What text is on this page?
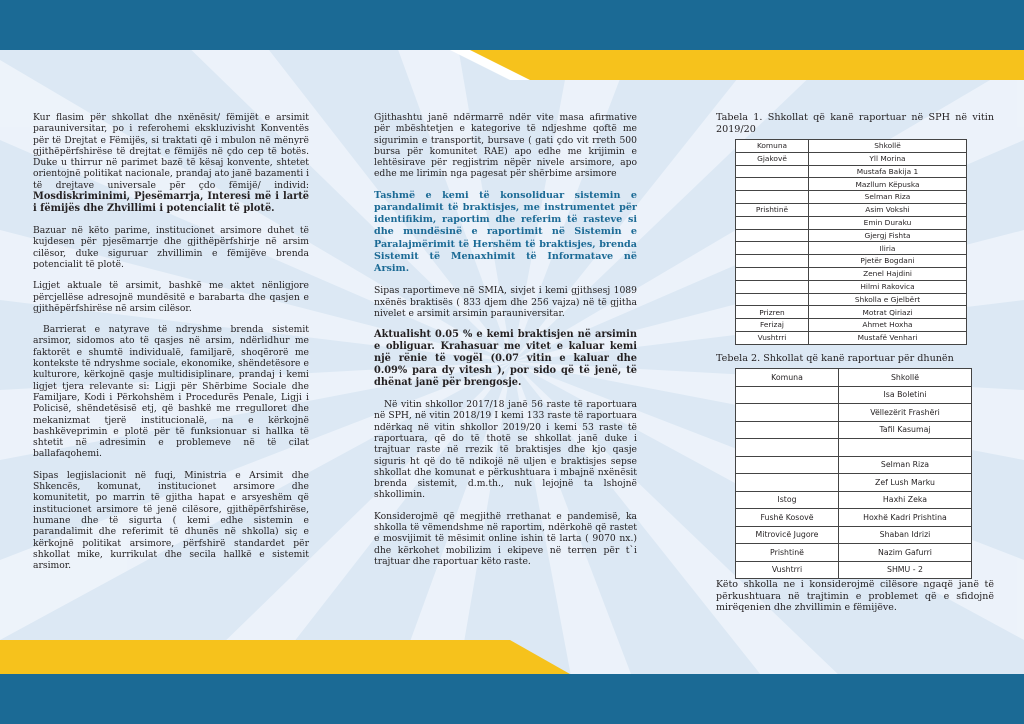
Kur flasim për shkollat dhe nxënësit/ fëmijët e arsimit parauniversitar, po i referohemi ekskluzivisht Konventës për të Drejtat e Fëmijës, si traktati që i mbulon në mënyrë gjithëpërfshirëse të drejtat e fëmijës në çdo cep të botës. Duke u thirrur në parimet bazë të kësaj konvente, shtetet orientojnë politikat nacionale, prandaj ato janë bazamenti i të drejtave universale për çdo fëmijë/ individ: Mosdiskriminimi, Pjesëmarrja, Interesi më i lartë i fëmijës dhe Zhvillimi i potencialit të plotë.

Bazuar në këto parime, institucionet arsimore duhet të kujdesen për pjesëmarrje dhe gjithëpërfshirje në arsim cilësor, duke siguruar zhvillimin e fëmijëve brenda potencialit të plotë.

Ligjet aktuale të arsimit, bashkë me aktet nënligjore përcjellëse adresojnë mundësitë e barabarta dhe qasjen e gjithëpërfshirëse në arsim cilësor.

Barrierat e natyrave të ndryshme brenda sistemit arsimor, sidomos ato të qasjes në arsim, ndërlidhur me faktorët e shumtë individualë, familjarë, shoqërorë me kontekste të ndryshme sociale, ekonomike, shëndetësore e kulturore, kërkojnë qasje multidisiplinare, prandaj i kemi ligjet tjera relevante si: Ligji për Shërbime Sociale dhe Familjare, Kodi i Përkohshëm i Procedurës Penale, Ligji i Policisë, shëndetësisë etj, që bashkë me rregulloret dhe mekanizmat tjerë institucionalë, na e kërkojnë bashkëveprimin e plotë për të funksionuar si hallka të shtetit në adresimin e problemeve në të cilat ballafaqohemi.

Sipas legjislacionit në fuqi, Ministria e Arsimit dhe Shkencës, komunat, institucionet arsimore dhe komunitetit, po marrin të gjitha hapat e arsyeshëm që institucionet arsimore të jenë cilësore, gjithëpërfshirëse, humane dhe të sigurta ( kemi edhe sistemin e parandalimit dhe referimit të dhunës në shkolla) siç e kërkojnë politikat arsimore, përfshirë standardet për shkollat mike, kurrikulat dhe secila hallkë e sistemit arsimor.

Gjithashtu janë ndërmarrë ndër vite masa afirmative për mbështetjen e kategorive të ndjeshme qoftë me sigurimin e transportit, bursave ( gati çdo vit rreth 500 bursa për komunitet RAE) apo edhe me krijimin e lehtësirave për regjistrim nëpër nivele arsimore, apo edhe me lirimin nga pagesat për shërbime arsimore

Tashmë e kemi të konsoliduar sistemin e parandalimit të braktisjes, me instrumentet për identifikim, raportim dhe referim të rasteve si dhe mundësinë e raportimit në Sistemin e Paralajmërimit të Hershëm të braktisjes, brenda Sistemit të Menaxhimit të Informatave në Arsim.

Sipas raportimeve në SMIA, sivjet i kemi gjithsesj 1089 nxënës braktisës ( 833 djem dhe 256 vajza) në të gjitha nivelet e arsimit arsimin parauniversitar.

Aktualisht 0.05 % e kemi braktisjen në arsimin e obliguar. Krahasuar me vitet e kaluar kemi një rënie të vogël (0.07 vitin e kaluar dhe 0.09% para dy vitesh ), por sido që të jenë, të dhënat janë për brengosje.

Në vitin shkollor 2017/18 janë 56 raste të raportuara në SPH, në vitin 2018/19 I kemi 133 raste të raportuara ndërkaq në vitin shkollor 2019/20 i kemi 53 raste të raportuara, që do të thotë se shkollat janë duke i trajtuar raste në rrezik të braktisjes dhe kjo qasje siguris ht që do të ndikojë në uljen e braktisjes sepse shkollat dhe komunat e përkushtuara i mbajnë nxënësit brenda sistemit, d.m.th., nuk lejojnë ta lshojnë shkollimin.

Konsiderojmë që megjithë rrethanat e pandemisë, ka shkolla të vëmendshme në raportim, ndërkohë që rastet e mosvijimit të mësimit online ishin të larta ( 9070 nx.) dhe kërkohet mobilizim i ekipeve në terren për t`i trajtuar dhe raportuar këto raste.

Tabela 1. Shkollat që kanë raportuar në SPH në vitin 2019/20
Komuna	Shkollë
Gjakovë	Yll Morina
	Mustafa Bakija 1
	Mazllum Këpuska
	Selman Riza
Prishtinë	Asim Vokshi
	Emin Duraku
	Gjergj Fishta
	Iliria
	Pjetër Bogdani
	Zenel Hajdini
	Hilmi Rakovica
	Shkolla e Gjelbërt
Prizren	Motrat Qiriazi
Ferizaj	Ahmet Hoxha
Vushtrri	Mustafë Venhari
Tebela 2. Shkollat që kanë raportuar për dhunën
Komuna	Shkollë
	Isa Boletini
	Vëllezërit Frashëri
	Tafil Kasumaj

	Selman Riza
	Zef Lush Marku
Istog	Haxhi Zeka
Fushë Kosovë	Hoxhë Kadri Prishtina
Mitrovicë Jugore	Shaban Idrizi
Prishtinë	Nazim Gafurri
Vushtrri	SHMU - 2

Këto shkolla ne i konsiderojmë cilësore ngaqë janë të përkushtuara në trajtimin e problemet që e sfidojnë mirëqenien dhe zhvillimin e fëmijëve.
